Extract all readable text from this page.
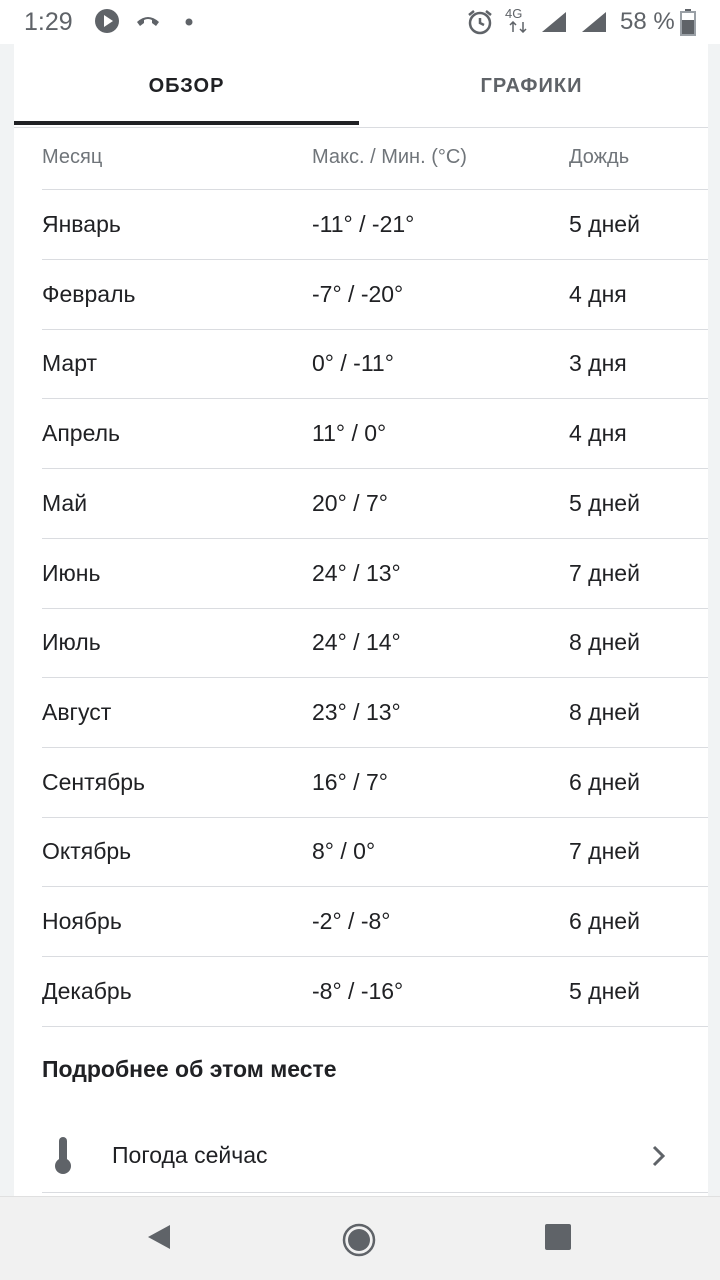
1:29	4G	58 %
ОБЗОР	ГРАФИКИ
Месяц	Макс. / Мин. (°C)	Дождь
Январь	-11° / -21°	5 дней
Февраль	-7° / -20°	4 дня
Март	0° / -11°	3 дня
Апрель	11° / 0°	4 дня
Май	20° / 7°	5 дней
Июнь	24° / 13°	7 дней
Июль	24° / 14°	8 дней
Август	23° / 13°	8 дней
Сентябрь	16° / 7°	6 дней
Октябрь	8° / 0°	7 дней
Ноябрь	-2° / -8°	6 дней
Декабрь	-8° / -16°	5 дней
Подробнее об этом месте
Погода сейчас
